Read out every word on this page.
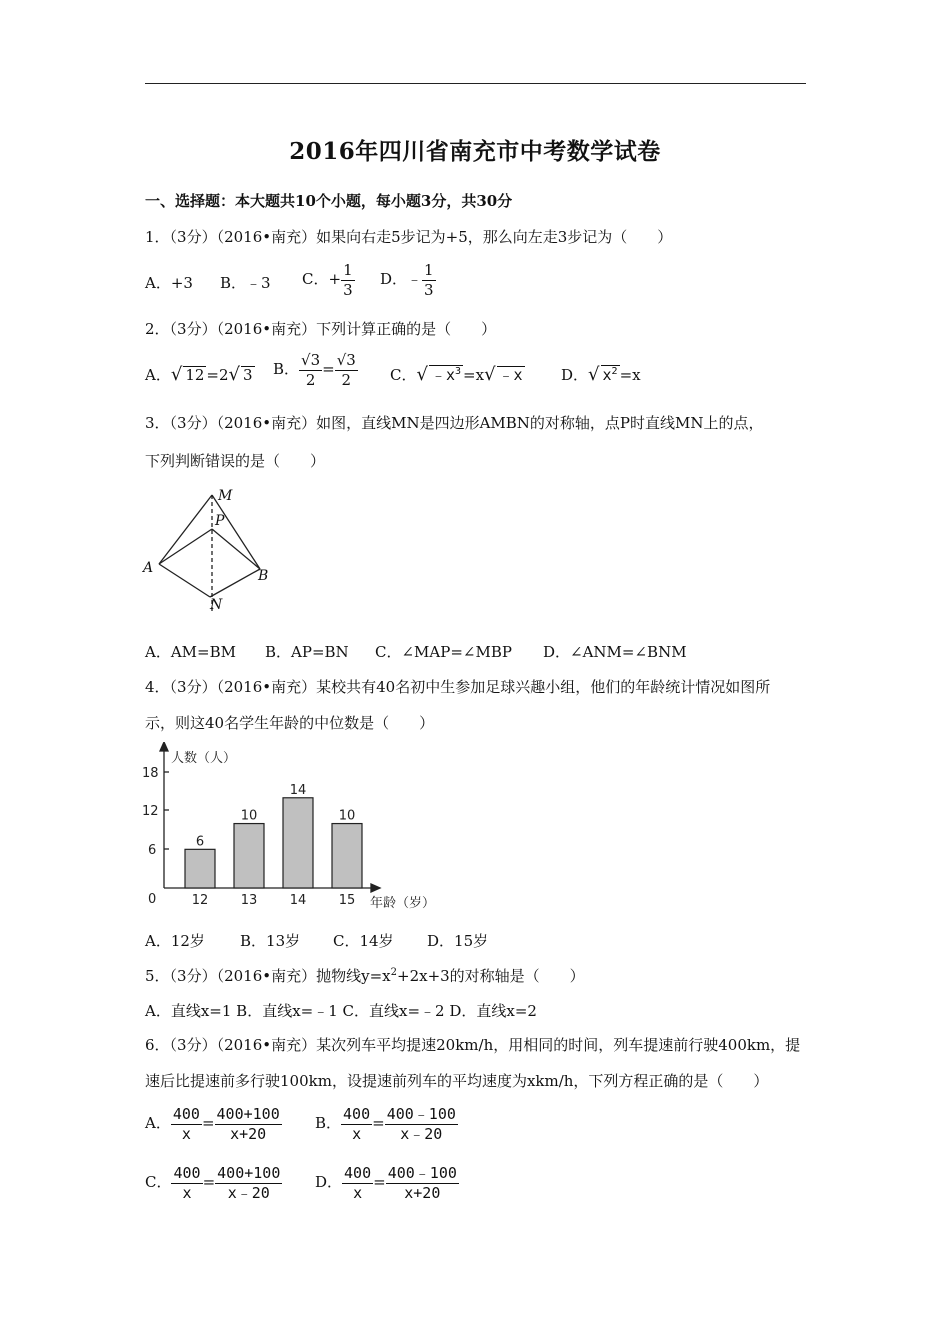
2016年四川省南充市中考数学试卷
一、选择题：本大题共10个小题，每小题3分，共30分
1．（3分）（2016•南充）如果向右走5步记为+5，那么向左走3步记为（　　）
A．+3 B．﹣3 C．+ $\frac{1}{3}$ D．﹣ $\frac{1}{3}$
2．（3分）（2016•南充）下列计算正确的是（　　）
A．√ 12 =2√ 3 B． $\frac{√3}{2} = \frac{√3}{2}$ C．√ $﹣x^3 =x√$ ﹣x	D．√ $x^2 =x$
3．（3分）（2016•南充）如图，直线MN是四边形AMBN的对称轴，点P时直线MN上的点，
下列判断错误的是（　　）
M
P
A	B
N
A．AM=BM B．AP=BN C．∠MAP=∠MBP D．∠ANM=∠BNM
4．（3分）（2016•南充）某校共有40名初中生参加足球兴趣小组，他们的年龄统计情况如图所
示，则这40名学生年龄的中位数是（　　）
18
12
6
0
人数（人）
年龄（岁）
6
12
10
13
14
14
10
15
A．12岁 B．13岁 C．14岁 D．15岁
5．（3分）（2016•南充）抛物线$y=x^2+2x+3$的对称轴是（　　）
A．直线x=1 B．直线x=﹣1 C．直线x=﹣2 D．直线x=2
6．（3分）（2016•南充）某次列车平均提速20km/h，用相同的时间，列车提速前行驶400km，提
速后比提速前多行驶100km，设提速前列车的平均速度为xkm/h，下列方程正确的是（　　）
A． $\frac{400}{x} = \frac{400+100}{x+20}$ B． $\frac{400}{x} = \frac{400﹣100}{x﹣20}$
C． $\frac{400}{x} = \frac{400+100}{x﹣20}$ D． $\frac{400}{x} = \frac{400﹣100}{x+20}$
